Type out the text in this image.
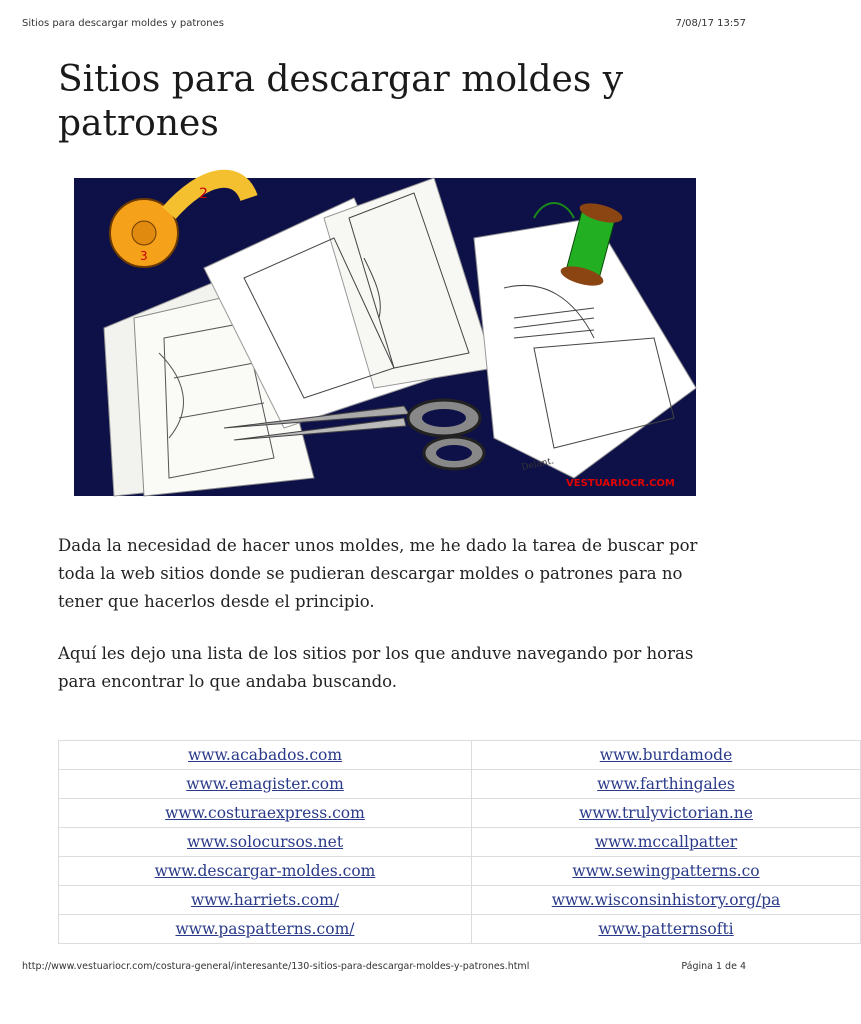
Sitios para descargar moldes y patrones	7/08/17 13:57
Sitios para descargar moldes y patrones
Delant.
2
3
VESTUARIOCR.COM

Dada la necesidad de hacer unos moldes, me he dado la tarea de buscar por
toda la web sitios donde se pudieran descargar moldes o patrones para no
tener que hacerlos desde el principio.

Aquí les dejo una lista de los sitios por los que anduve navegando por horas
para encontrar lo que andaba buscando.

www.acabados.com	www.burdamode
www.emagister.com	www.farthingales
www.costuraexpress.com	www.trulyvictorian.ne
www.solocursos.net	www.mccallpatter
www.descargar-moldes.com	www.sewingpatterns.co
www.harriets.com/	www.wisconsinhistory.org/pa
www.paspatterns.com/	www.patternsofti
http://www.vestuariocr.com/costura-general/interesante/130-sitios-para-descargar-moldes-y-patrones.html	Página 1 de 4
